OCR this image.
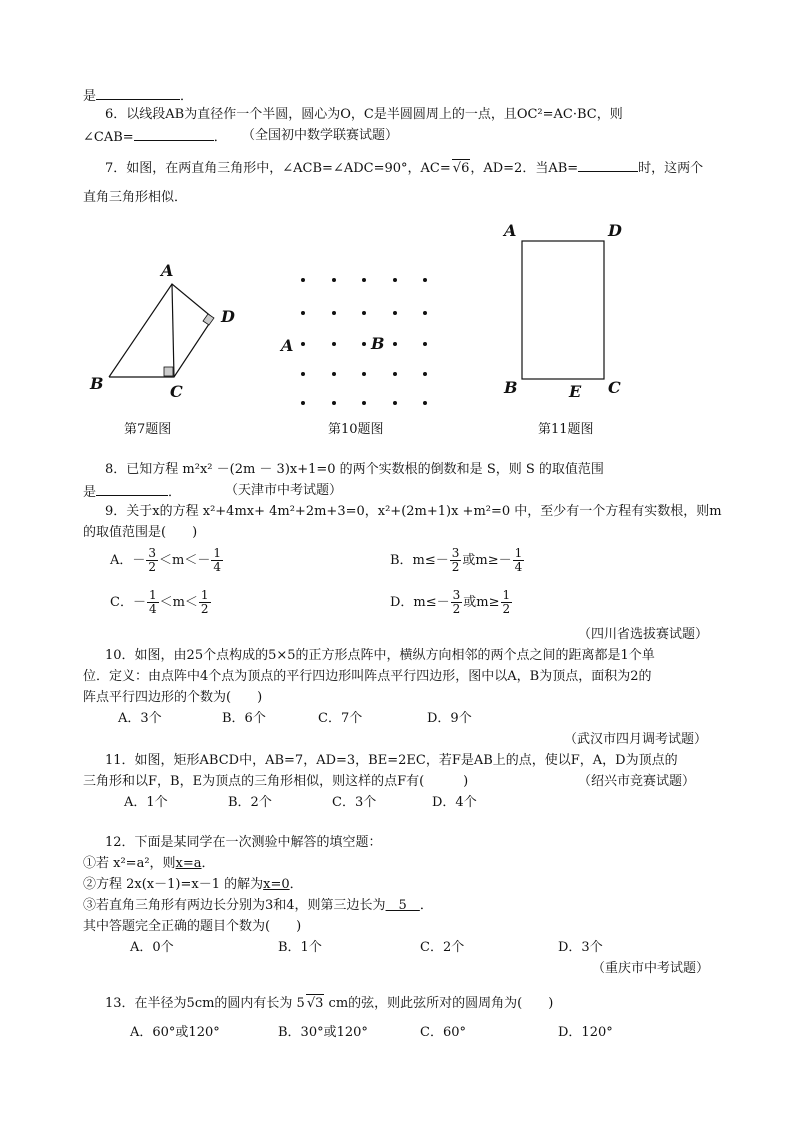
是	．
6．以线段AB为直径作一个半圆，圆心为O，C是半圆圆周上的一点，且OC²=AC·BC，则
∠CAB=	． （全国初中数学联赛试题）
7．如图，在两直角三角形中，∠ACB=∠ADC=90°，AC= √6，AD=2．当AB=	时，这两个
直角三角形相似．
A
B	C
D
第7题图
A	B
第10题图
A	D
B	E C
第11题图
8．已知方程 m²x² －(2m － 3)x+1=0 的两个实数根的倒数和是 S，则 S 的取值范围
是	．	（天津市中考试题）
9．关于x的方程 x²+4mx+ 4m²+2m+3=0，x²+(2m+1)x +m²=0 中，至少有一个方程有实数根，则m
的取值范围是(　　)
A．－ $\frac{3}{2} <m<- \frac{1}{4}$	B．$m\le- \frac{3}{2}$ 或$m\ge- \frac{1}{4}$
C．－ $\frac{1}{4} <m< \frac{1}{2}$	D．$m\le- \frac{3}{2}$ 或$m\ge \frac{1}{2}$
（四川省选拔赛试题）
10．如图，由25个点构成的5×5的正方形点阵中，横纵方向相邻的两个点之间的距离都是1个单
位．定义：由点阵中4个点为顶点的平行四边形叫阵点平行四边形，图中以A，B为顶点，面积为2的
阵点平行四边形的个数为(　　)
A．3个	B．6个	C．7个	D．9个
（武汉市四月调考试题）
11．如图，矩形ABCD中，AB=7，AD=3，BE=2EC，若F是AB上的点，使以F，A，D为顶点的
三角形和以F，B，E为顶点的三角形相似，则这样的点F有(　　　)	（绍兴市竞赛试题）
A．1个	B．2个	C．3个	D．4个
12．下面是某同学在一次测验中解答的填空题：
①若 x²=a²，则x=a．
②方程 2x(x－1)=x－1 的解为x=0．
③若直角三角形有两边长分别为3和4，则第三边长为　5　．
其中答题完全正确的题目个数为(　　)
A．0个	B．1个	C．2个	D．3个
（重庆市中考试题）
13．在半径为5cm的圆内有长为 5 √3 cm的弦，则此弦所对的圆周角为(　　)
A．60°或120°	B．30°或120°	C．60°	D．120°
